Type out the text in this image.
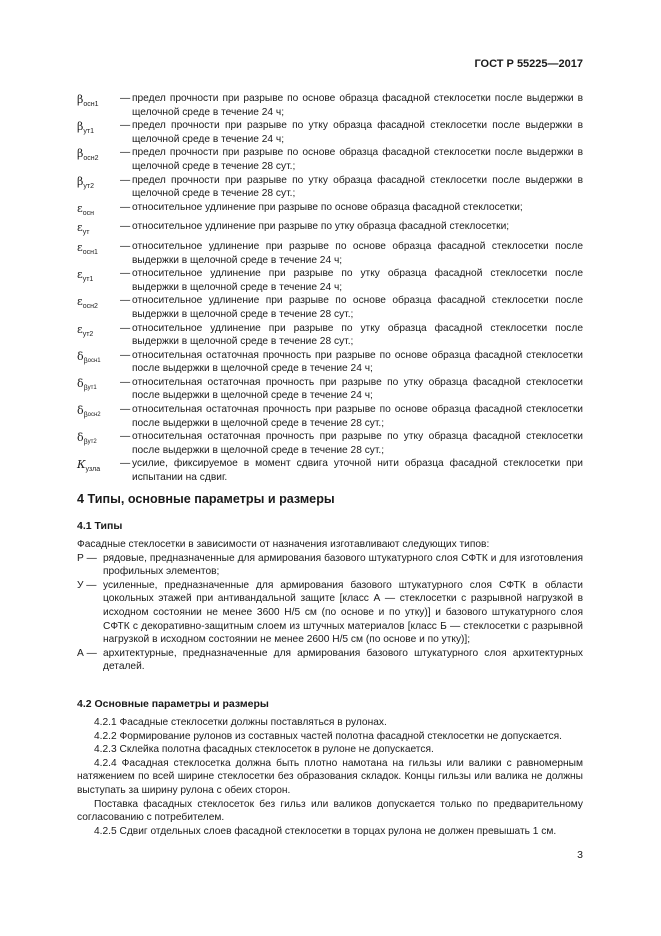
ГОСТ Р 55225—2017
$\beta_{осн1}$
— предел прочности при разрыве по основе образца фасадной стеклосетки после выдержки в щелочной среде в течение 24 ч;
$\beta_{ут1}$
— предел прочности при разрыве по утку образца фасадной стеклосетки после выдержки в щелочной среде в течение 24 ч;
$\beta_{осн2}$
— предел прочности при разрыве по основе образца фасадной стеклосетки после выдержки в щелочной среде в течение 28 сут.;
$\beta_{ут2}$
— предел прочности при разрыве по утку образца фасадной стеклосетки после выдержки в щелочной среде в течение 28 сут.;
$\varepsilon_{осн}$
— относительное удлинение при разрыве по основе образца фасадной стеклосетки;
$\varepsilon_{ут}$
— относительное удлинение при разрыве по утку образца фасадной стеклосетки;
$\varepsilon_{осн1}$
— относительное удлинение при разрыве по основе образца фасадной стеклосетки после выдержки в щелочной среде в течение 24 ч;
$\varepsilon_{ут1}$
— относительное удлинение при разрыве по утку образца фасадной стеклосетки после выдержки в щелочной среде в течение 24 ч;
$\varepsilon_{осн2}$
— относительное удлинение при разрыве по основе образца фасадной стеклосетки после выдержки в щелочной среде в течение 28 сут.;
$\varepsilon_{ут2}$
— относительное удлинение при разрыве по утку образца фасадной стеклосетки после выдержки в щелочной среде в течение 28 сут.;
$\delta_\beta осн1$	— относительная остаточная прочность при разрыве по основе образца фасадной стеклосетки после выдержки в щелочной среде в течение 24 ч;
$\delta_\beta ут1$	— относительная остаточная прочность при разрыве по утку образца фасадной стеклосетки после выдержки в щелочной среде в течение 24 ч;
$\delta_\beta осн2$	— относительная остаточная прочность при разрыве по основе образца фасадной стеклосетки после выдержки в щелочной среде в течение 28 сут.;
$\delta_\beta ут2$	— относительная остаточная прочность при разрыве по утку образца фасадной стеклосетки после выдержки в щелочной среде в течение 28 сут.;
$К_{узла}$
— усилие, фиксируемое в момент сдвига уточной нити образца фасадной стеклосетки при испытании на сдвиг.
4 Типы, основные параметры и размеры
4.1 Типы
Фасадные стеклосетки в зависимости от назначения изготавливают следующих типов:
Р — рядовые, предназначенные для армирования базового штукатурного слоя СФТК и для изготовления профильных элементов;
У — усиленные, предназначенные для армирования базового штукатурного слоя СФТК в области цокольных этажей при антивандальной защите [класс А — стеклосетки с разрывной нагрузкой в исходном состоянии не менее 3600 Н/5 см (по основе и по утку)] и базового штукатурного слоя СФТК с декоративно-защитным слоем из штучных материалов [класс Б — стеклосетки с разрывной нагрузкой в исходном состоянии не менее 2600 Н/5 см (по основе и по утку)];
А — архитектурные, предназначенные для армирования базового штукатурного слоя архитектурных деталей.
4.2 Основные параметры и размеры
4.2.1 Фасадные стеклосетки должны поставляться в рулонах.
4.2.2 Формирование рулонов из составных частей полотна фасадной стеклосетки не допускается.
4.2.3 Склейка полотна фасадных стеклосеток в рулоне не допускается.
4.2.4 Фасадная стеклосетка должна быть плотно намотана на гильзы или валики с равномерным натяжением по всей ширине стеклосетки без образования складок. Концы гильзы или валика не должны выступать за ширину рулона с обеих сторон.
Поставка фасадных стеклосеток без гильз или валиков допускается только по предварительному согласованию с потребителем.
4.2.5 Сдвиг отдельных слоев фасадной стеклосетки в торцах рулона не должен превышать 1 см.
3
